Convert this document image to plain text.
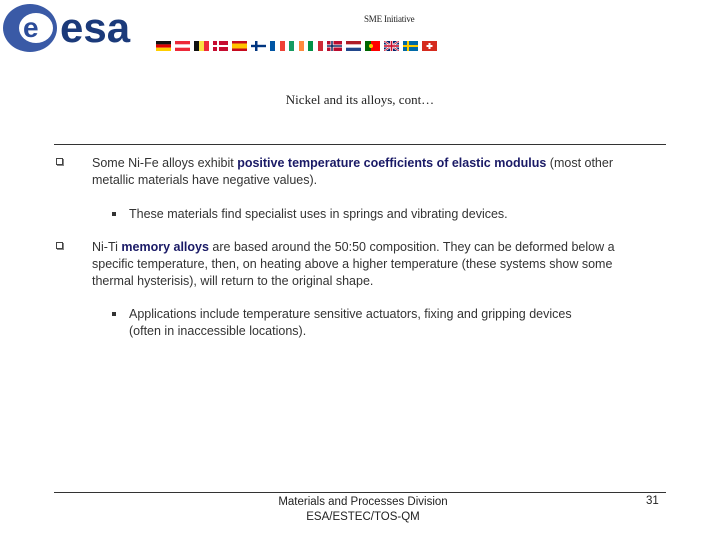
e esa	SME Initiative
Nickel and its alloys, cont…
Some Ni-Fe alloys exhibit positive temperature coefficients of elastic modulus (most other metallic materials have negative values).
These materials find specialist uses in springs and vibrating devices.
Ni-Ti memory alloys are based around the 50:50 composition. They can be deformed below a specific temperature, then, on heating above a higher temperature (these systems show some thermal hysterisis), will return to the original shape.
Applications include temperature sensitive actuators, fixing and gripping devices (often in inaccessible locations).
Materials and Processes Division
ESA/ESTEC/TOS-QM
31
